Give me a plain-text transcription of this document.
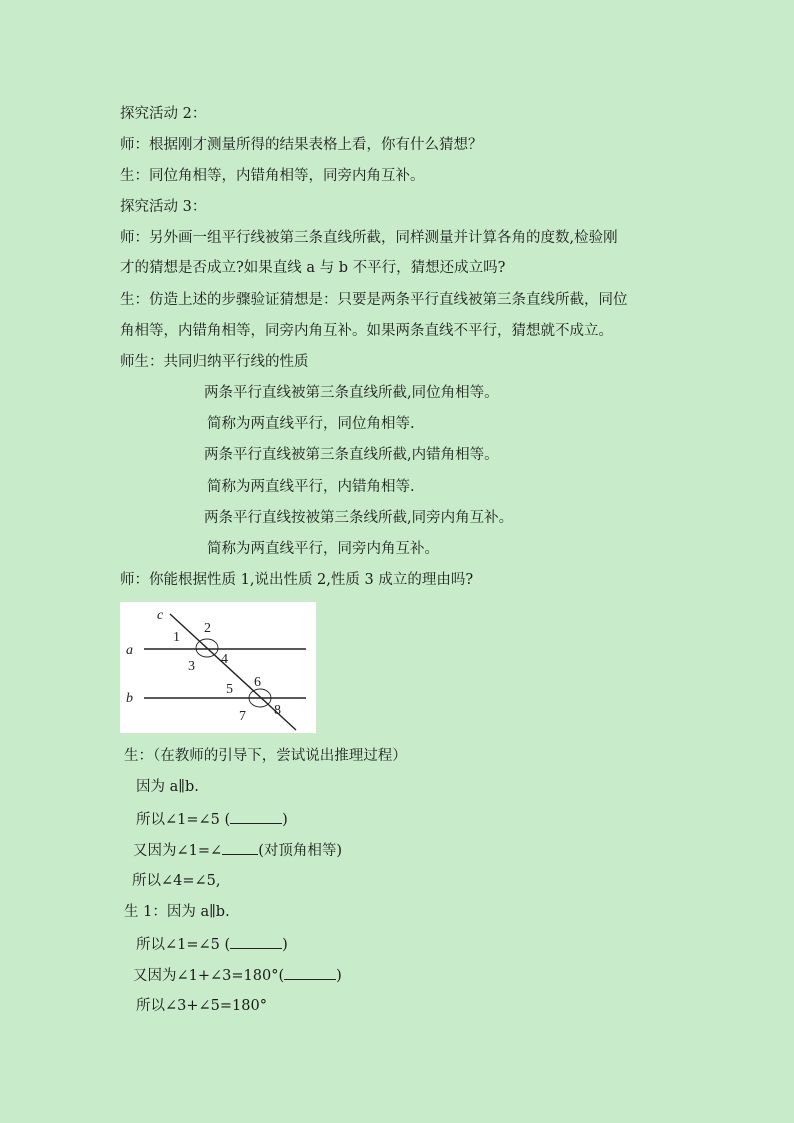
探究活动 2：
师：根据刚才测量所得的结果表格上看，你有什么猜想？
生：同位角相等，内错角相等，同旁内角互补。
探究活动 3：
师：另外画一组平行线被第三条直线所截，同样测量并计算各角的度数,检验刚
才的猜想是否成立?如果直线 a 与 b 不平行，猜想还成立吗?
生：仿造上述的步骤验证猜想是：只要是两条平行直线被第三条直线所截，同位
角相等，内错角相等，同旁内角互补。如果两条直线不平行，猜想就不成立。
师生：共同归纳平行线的性质
两条平行直线被第三条直线所截,同位角相等。
简称为两直线平行，同位角相等.
两条平行直线被第三条直线所截,内错角相等。
简称为两直线平行，内错角相等.
两条平行直线按被第三条线所截,同旁内角互补。
简称为两直线平行，同旁内角互补。
师：你能根据性质 1,说出性质 2,性质 3 成立的理由吗?
c
a
b
1
2
3 4
5 6
7 8
生：（在教师的引导下，尝试说出推理过程）
因为 a∥b.
所以∠1=∠5 (	)
又因为∠1=∠ (对顶角相等)
所以∠4=∠5,
生 1：因为 a∥b.
所以∠1=∠5 (	)
又因为∠1+∠3=180°(	)
所以∠3+∠5=180°
